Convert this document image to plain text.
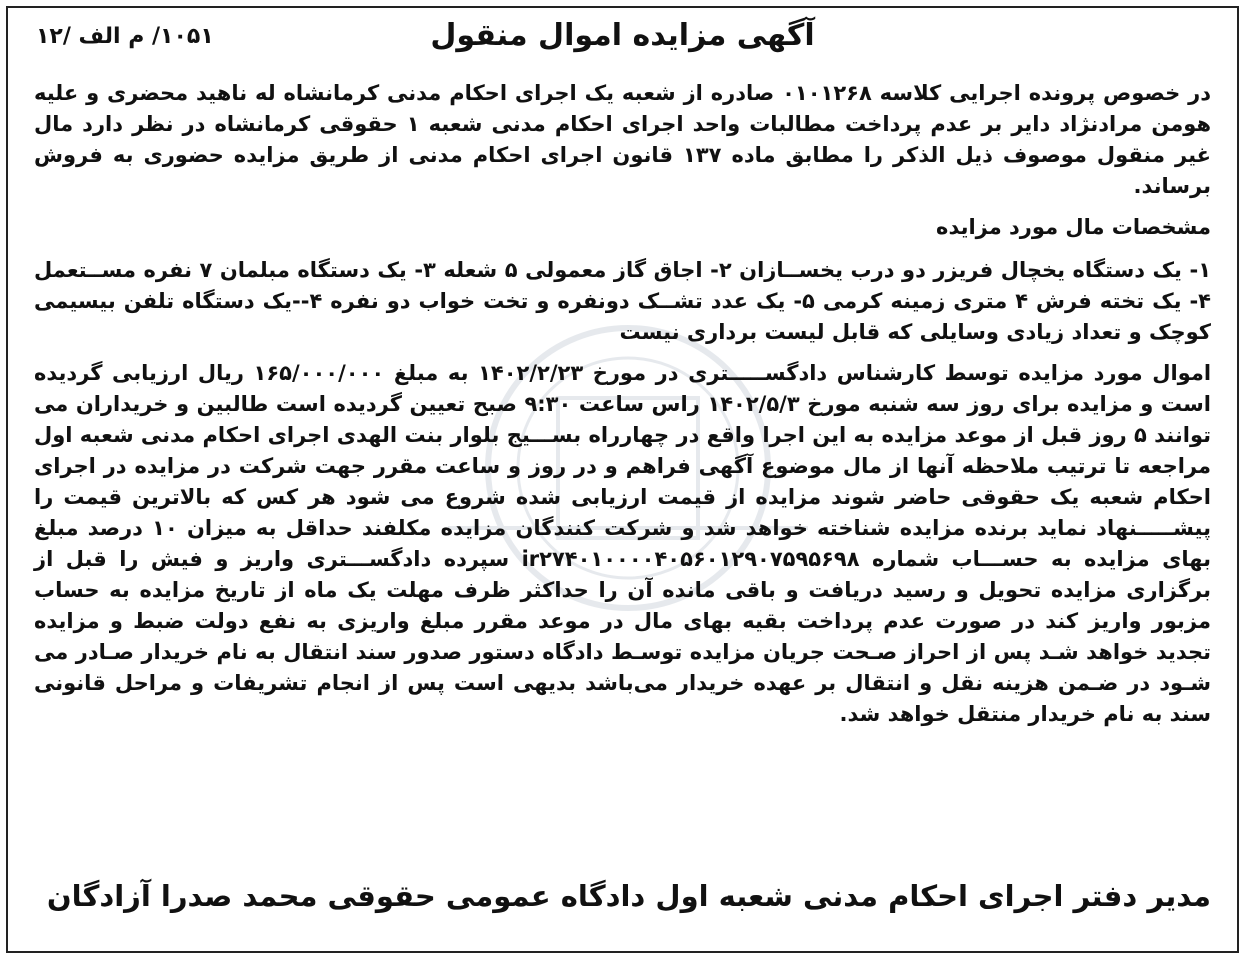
۱۰۵۱/ م الف /۱۲	آگهی مزایده اموال منقول

در خصوص پرونده اجرایی کلاسه ۰۱۰۱۲۶۸ صادره از شعبه یک اجرای احکام مدنی کرمانشاه له ناهید محضری و علیه هومن مرادنژاد دایر بر عدم پرداخت مطالبات واحد اجرای احکام مدنی شعبه ۱ حقوقی کرمانشاه در نظر دارد مال غیر منقول موصوف ذیل الذکر را مطابق ماده ۱۳۷ قانون اجرای احکام مدنی از طریق مزایده حضوری به فروش برساند.

مشخصات مال مورد مزایده

۱- یک دستگاه یخچال فریزر دو درب یخســازان ۲- اجاق گاز معمولی ۵ شعله ۳- یک دستگاه مبلمان ۷ نفره مســتعمل ۴- یک تخته فرش ۴ متری زمینه کرمی ۵- یک عدد تشــک دونفره و تخت خواب دو نفره ۴--یک دستگاه تلفن بیسیمی کوچک و تعداد زیادی وسایلی که قابل لیست برداری نیست

اموال مورد مزایده توسط کارشناس دادگســـــتری در مورخ ۱۴۰۲/۲/۲۳ به مبلغ ۱۶۵/۰۰۰/۰۰۰ ریال ارزیابی گردیده است و مزایده برای روز سه شنبه مورخ ۱۴۰۲/۵/۳ راس ساعت ۹:۳۰ صبح تعیین گردیده است طالبین و خریداران می توانند ۵ روز قبل از موعد مزایده به این اجرا واقع در چهارراه بســـیج بلوار بنت الهدی اجرای احکام مدنی شعبه اول مراجعه تا ترتیب ملاحظه آنها از مال موضوع آگهی فراهم و در روز و ساعت مقرر جهت شرکت در مزایده در اجرای احکام شعبه یک حقوقی حاضر شوند مزایده از قیمت ارزیابی شده شروع می شود هر کس که بالاترین قیمت را پیشـــــنهاد نماید برنده مزایده شناخته خواهد شد و شرکت کنندگان مزایده مکلفند حداقل به میزان ۱۰ درصد مبلغ بهای مزایده به حســـاب شماره ir۲۷۴۰۱۰۰۰۰۴۰۵۶۰۱۲۹۰۷۵۹۵۶۹۸ سپرده دادگســـتری واریز و فیش را قبل از برگزاری مزایده تحویل و رسید دریافت و باقی مانده آن را حداکثر ظرف مهلت یک ماه از تاریخ مزایده به حساب مزبور واریز کند در صورت عدم پرداخت بقیه بهای مال در موعد مقرر مبلغ واریزی به نفع دولت ضبط و مزایده تجدید خواهد شـد پس از احراز صـحت جریان مزایده توسـط دادگاه دستور صدور سند انتقال به نام خریدار صـادر می شـود در ضـمن هزینه نقل و انتقال بر عهده خریدار می‌باشد بدیهی است پس از انجام تشریفات و مراحل قانونی سند به نام خریدار منتقل خواهد شد.

مدیر دفتر اجرای احکام مدنی شعبه اول دادگاه عمومی حقوقی محمد صدرا آزادگان
